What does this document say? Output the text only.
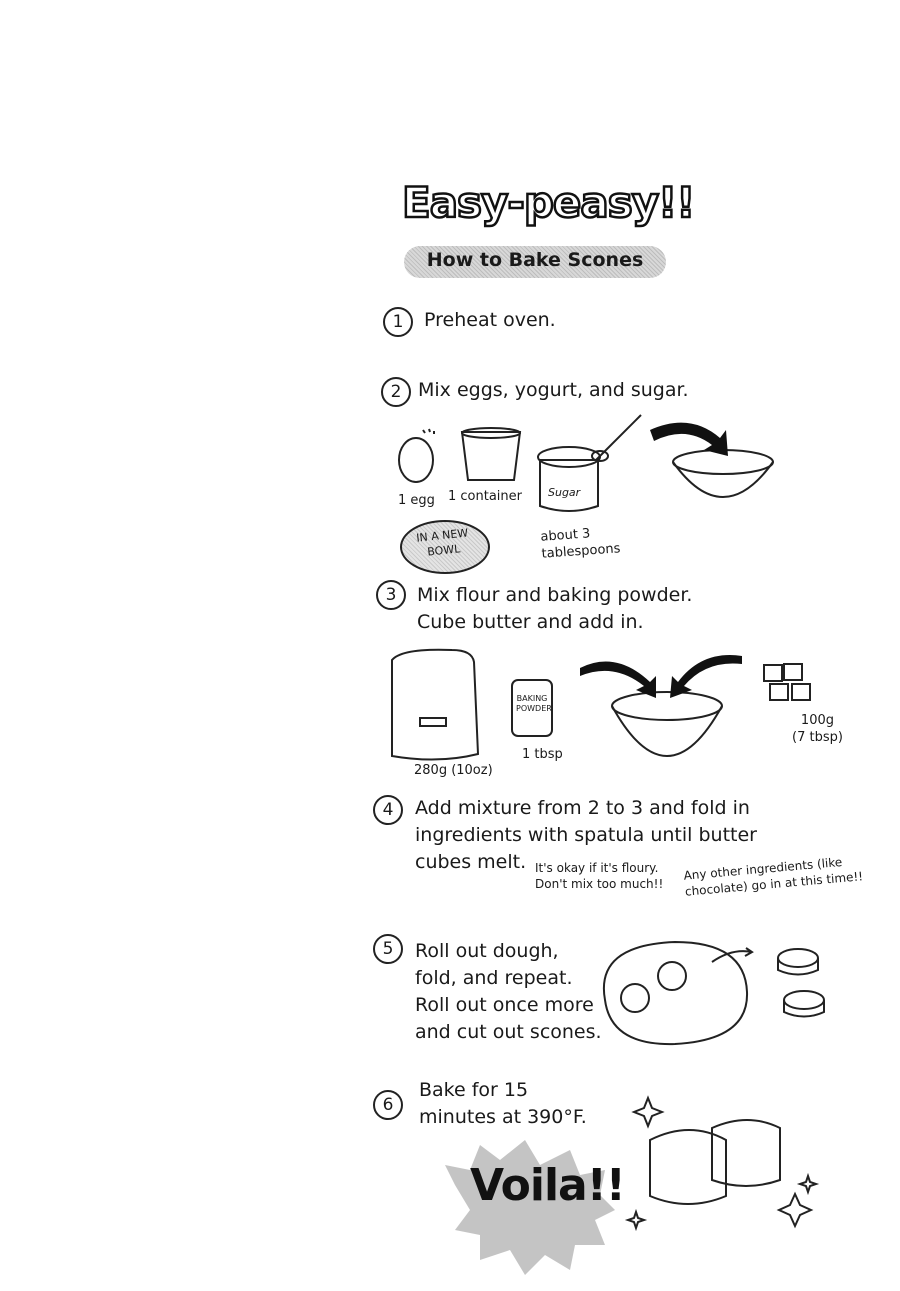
Easy-peasy!!
How to Bake Scones
1	Preheat oven.
2 Mix eggs, yogurt, and sugar.
3	Mix flour and baking powder.
Cube butter and add in.
4	Add mixture from 2 to 3 and fold in
ingredients with spatula until butter
cubes melt.
5	Roll out dough,
fold, and repeat.
Roll out once more
and cut out scones.
6
Bake for 15
minutes at 390°F.
1 egg 1 container Sugar
about 3
tablespoons
IN A NEW
BOWL
280g (10oz)
BAKING
POWDER
1 tbsp
100g
(7 tbsp)
It's okay if it's floury.
Don't mix too much!!
Any other ingredients (like
chocolate) go in at this time!!
Voila!!
